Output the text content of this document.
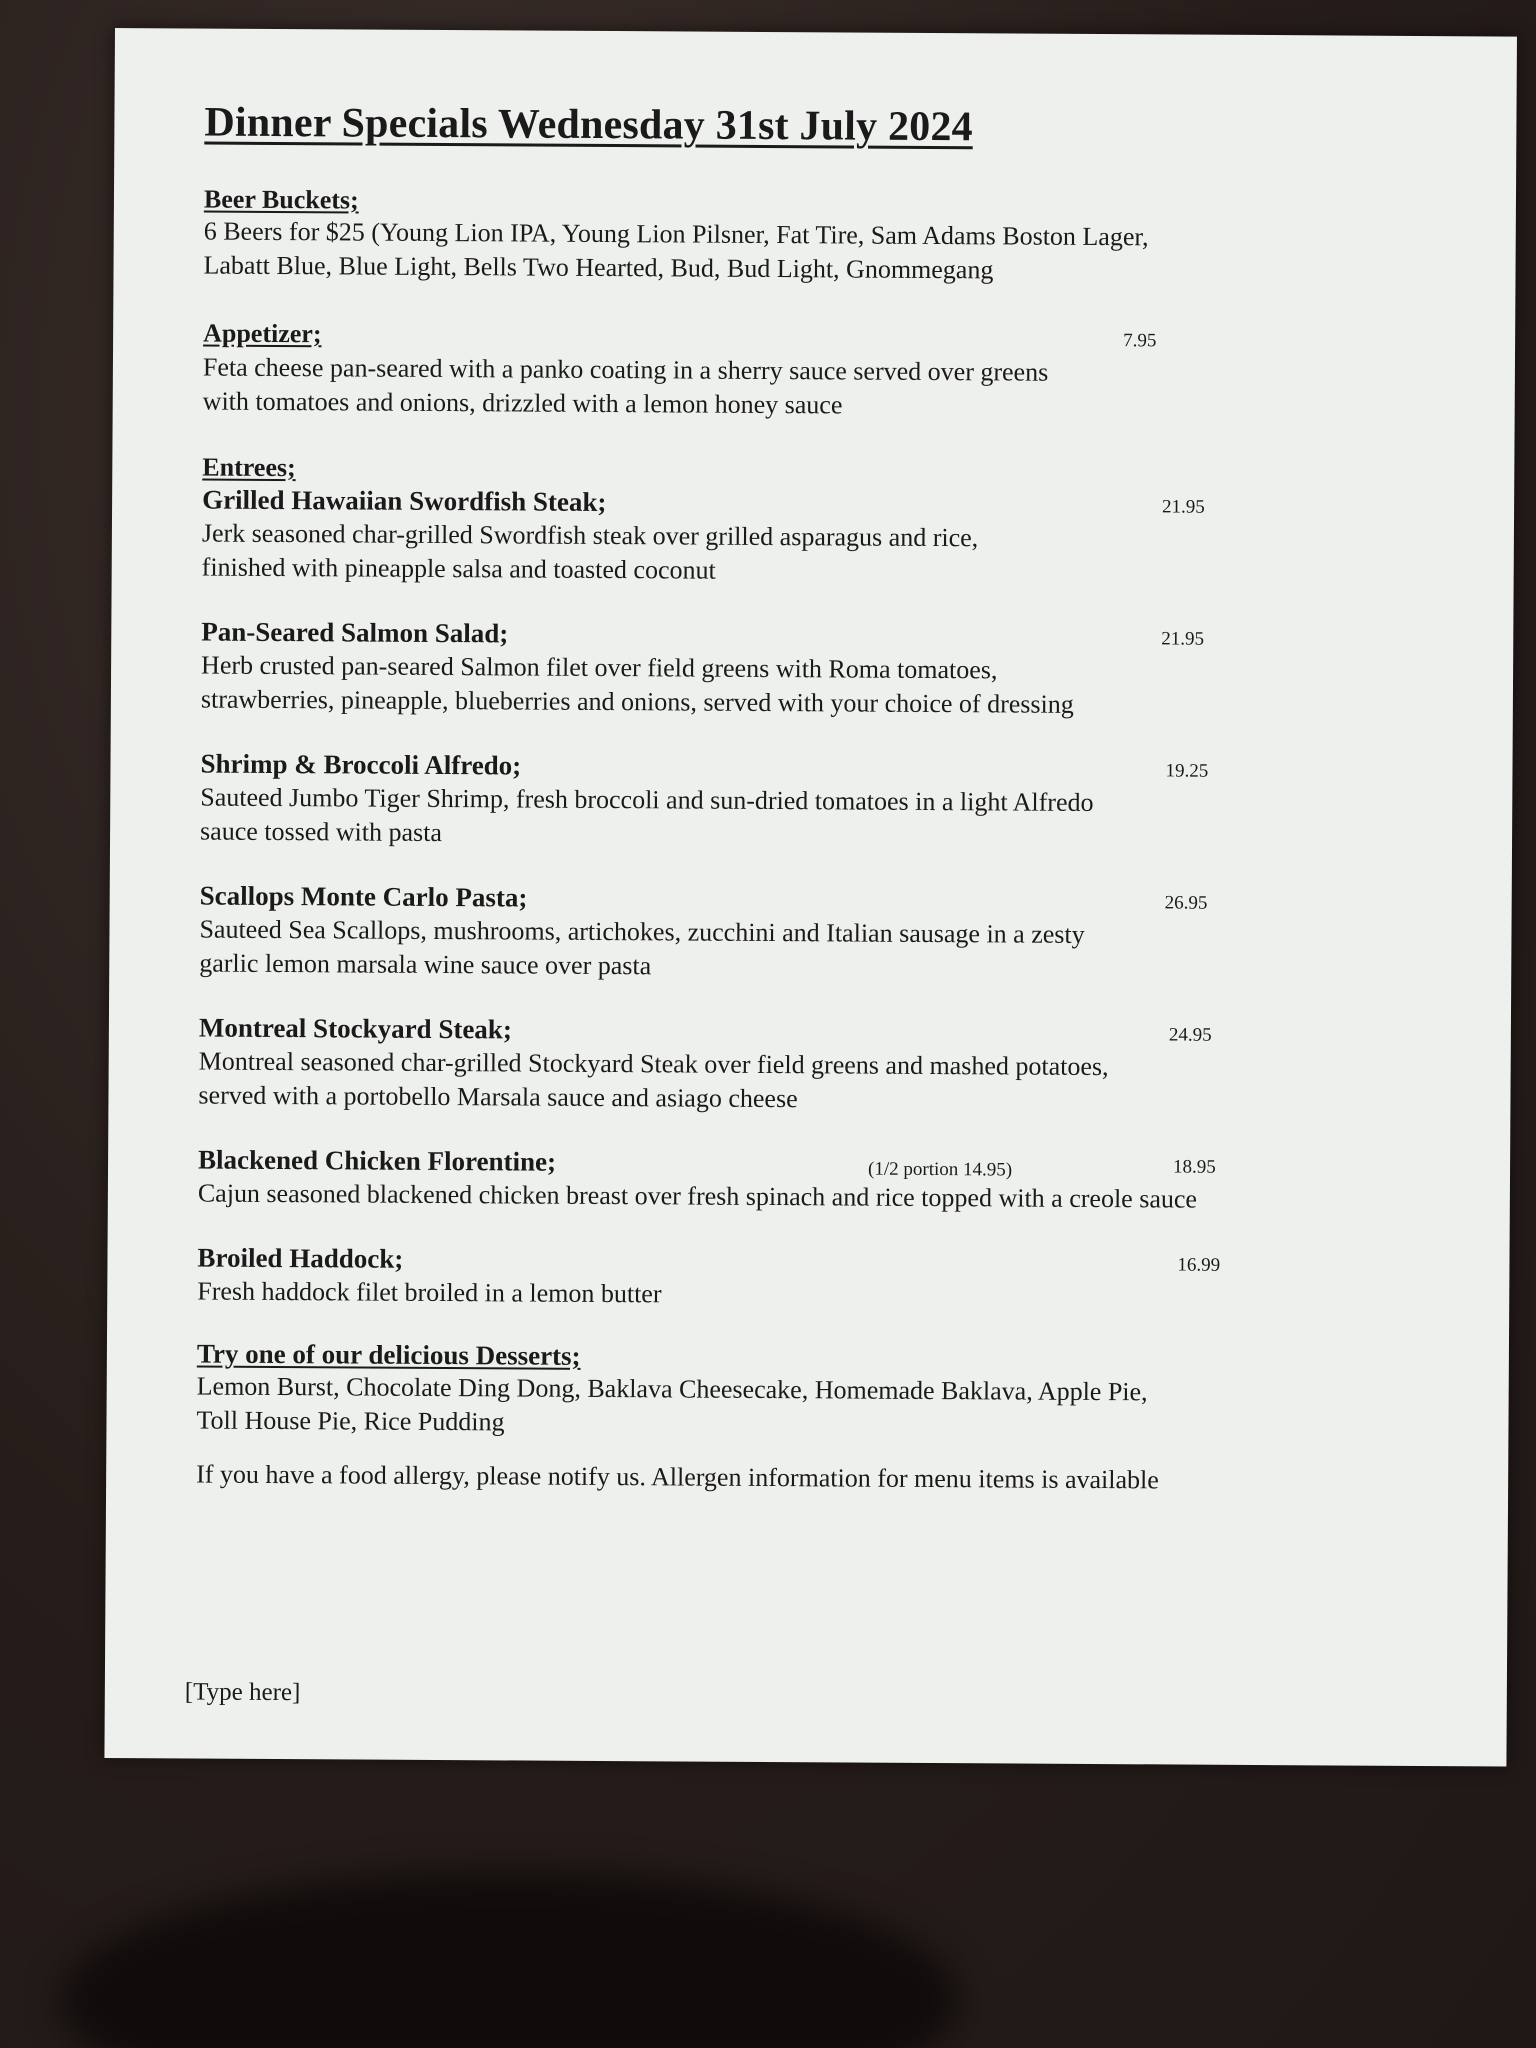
Dinner Specials Wednesday 31st July 2024
Beer Buckets;
6 Beers for $25 (Young Lion IPA, Young Lion Pilsner, Fat Tire, Sam Adams Boston Lager,
Labatt Blue, Blue Light, Bells Two Hearted, Bud, Bud Light, Gnommegang
Appetizer;	7.95
Feta cheese pan-seared with a panko coating in a sherry sauce served over greens
with tomatoes and onions, drizzled with a lemon honey sauce
Entrees;
Grilled Hawaiian Swordfish Steak;	21.95
Jerk seasoned char-grilled Swordfish steak over grilled asparagus and rice,
finished with pineapple salsa and toasted coconut
Pan-Seared Salmon Salad;	21.95
Herb crusted pan-seared Salmon filet over field greens with Roma tomatoes,
strawberries, pineapple, blueberries and onions, served with your choice of dressing
Shrimp & Broccoli Alfredo;	19.25
Sauteed Jumbo Tiger Shrimp, fresh broccoli and sun-dried tomatoes in a light Alfredo
sauce tossed with pasta
Scallops Monte Carlo Pasta;	26.95
Sauteed Sea Scallops, mushrooms, artichokes, zucchini and Italian sausage in a zesty
garlic lemon marsala wine sauce over pasta
Montreal Stockyard Steak;	24.95
Montreal seasoned char-grilled Stockyard Steak over field greens and mashed potatoes,
served with a portobello Marsala sauce and asiago cheese
Blackened Chicken Florentine;	(1/2 portion 14.95)	18.95
Cajun seasoned blackened chicken breast over fresh spinach and rice topped with a creole sauce
Broiled Haddock;	16.99
Fresh haddock filet broiled in a lemon butter
Try one of our delicious Desserts;
Lemon Burst, Chocolate Ding Dong, Baklava Cheesecake, Homemade Baklava, Apple Pie,
Toll House Pie, Rice Pudding
If you have a food allergy, please notify us. Allergen information for menu items is available
[Type here]
